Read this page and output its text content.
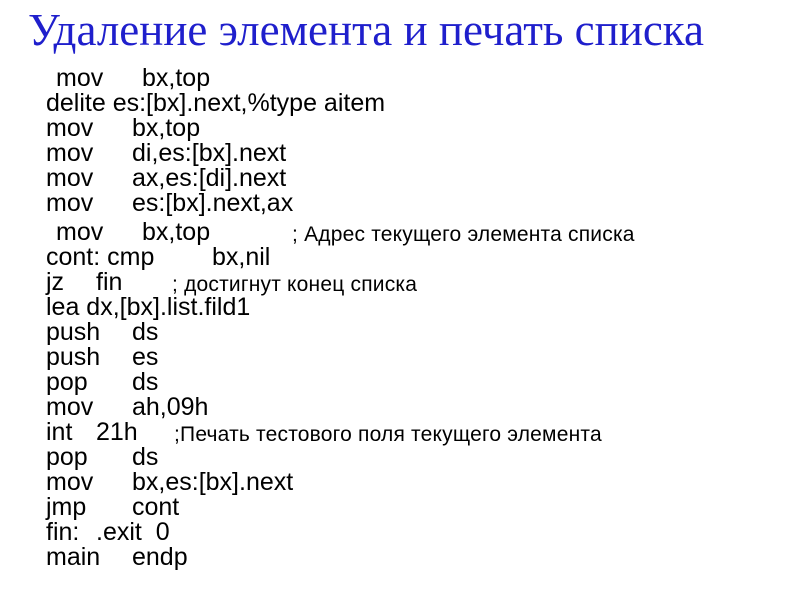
Удаление элемента и печать списка
mov bx,top
delite es:[bx].next,%type aitem
mov bx,top
mov di,es:[bx].next
mov ax,es:[di].next
mov es:[bx].next,ax
mov bx,top	; Адрес текущего элемента списка
cont: cmp bx,nil
jz fin ; достигнут конец списка
lea dx,[bx].list.fild1
push ds
push es
pop ds
mov ah,09h
int 21h ;Печать тестового поля текущего элемента
pop ds
mov bx,es:[bx].next
jmp cont
fin: .exit  0
main endp
